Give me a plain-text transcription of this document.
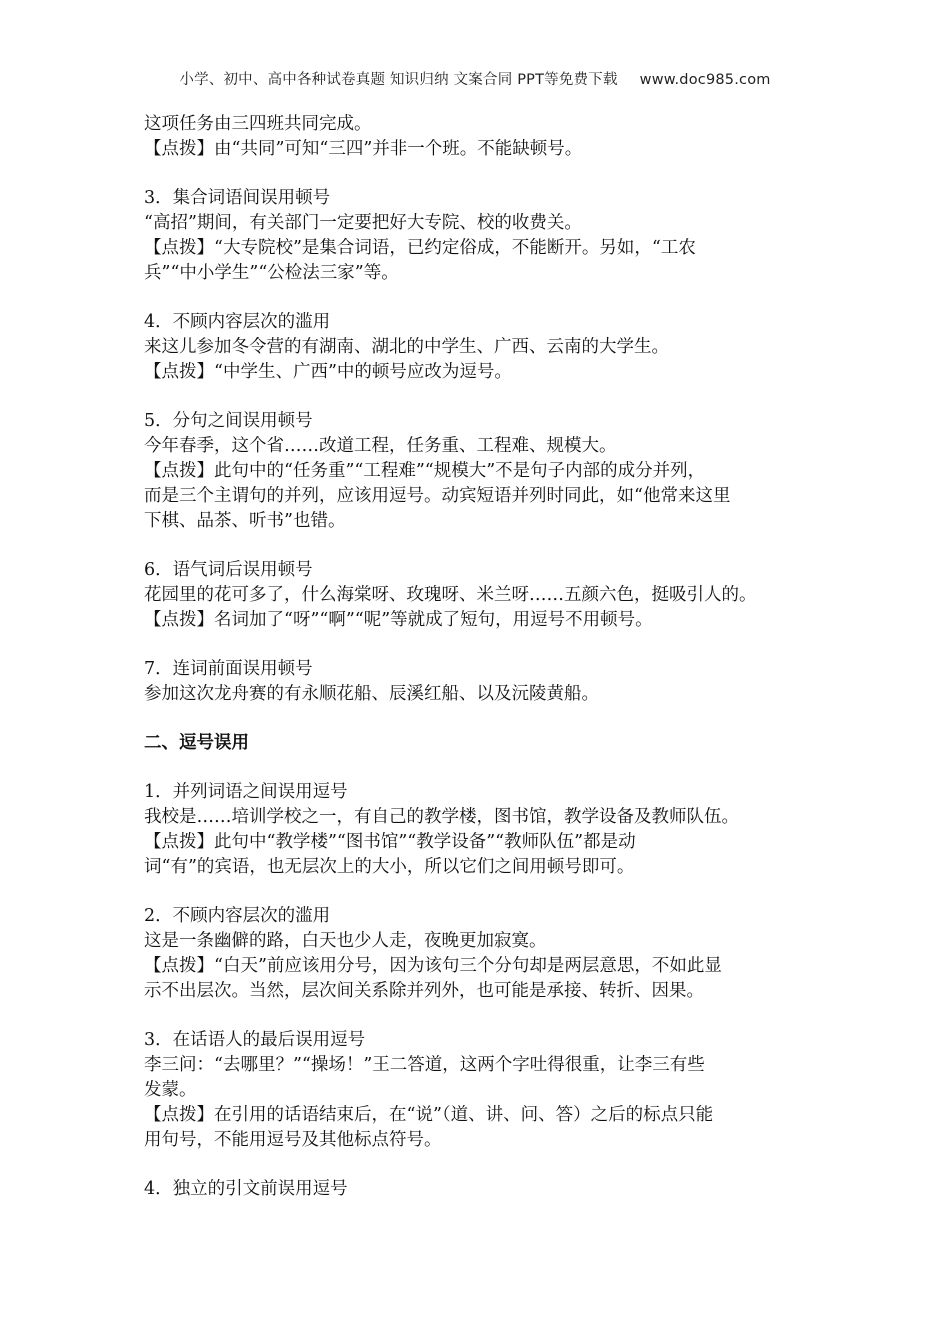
小学、初中、高中各种试卷真题 知识归纳 文案合同 PPT等免费下载 www.doc985.com
这项任务由三四班共同完成。
【点拨】由“共同”可知“三四”并非一个班。不能缺顿号。
3．集合词语间误用顿号
“高招”期间，有关部门一定要把好大专院、校的收费关。
【点拨】“大专院校”是集合词语，已约定俗成，不能断开。另如，“工农
兵”“中小学生”“公检法三家”等。
4．不顾内容层次的滥用
来这儿参加冬令营的有湖南、湖北的中学生、广西、云南的大学生。
【点拨】“中学生、广西”中的顿号应改为逗号。
5．分句之间误用顿号
今年春季，这个省……改道工程，任务重、工程难、规模大。
【点拨】此句中的“任务重”“工程难”“规模大”不是句子内部的成分并列，
而是三个主谓句的并列，应该用逗号。动宾短语并列时同此，如“他常来这里
下棋、品茶、听书”也错。
6．语气词后误用顿号
花园里的花可多了，什么海棠呀、玫瑰呀、米兰呀……五颜六色，挺吸引人的。
【点拨】名词加了“呀”“啊”“呢”等就成了短句，用逗号不用顿号。
7．连词前面误用顿号
参加这次龙舟赛的有永顺花船、辰溪红船、以及沅陵黄船。
二、逗号误用
1．并列词语之间误用逗号
我校是……培训学校之一，有自己的教学楼，图书馆，教学设备及教师队伍。
【点拨】此句中“教学楼”“图书馆”“教学设备”“教师队伍”都是动
词“有”的宾语，也无层次上的大小，所以它们之间用顿号即可。
2．不顾内容层次的滥用
这是一条幽僻的路，白天也少人走，夜晚更加寂寞。
【点拨】“白天”前应该用分号，因为该句三个分句却是两层意思，不如此显
示不出层次。当然，层次间关系除并列外，也可能是承接、转折、因果。
3．在话语人的最后误用逗号
李三问：“去哪里？”“操场！”王二答道，这两个字吐得很重，让李三有些
发蒙。
【点拨】在引用的话语结束后，在“说”（道、讲、问、答）之后的标点只能
用句号，不能用逗号及其他标点符号。
4．独立的引文前误用逗号
